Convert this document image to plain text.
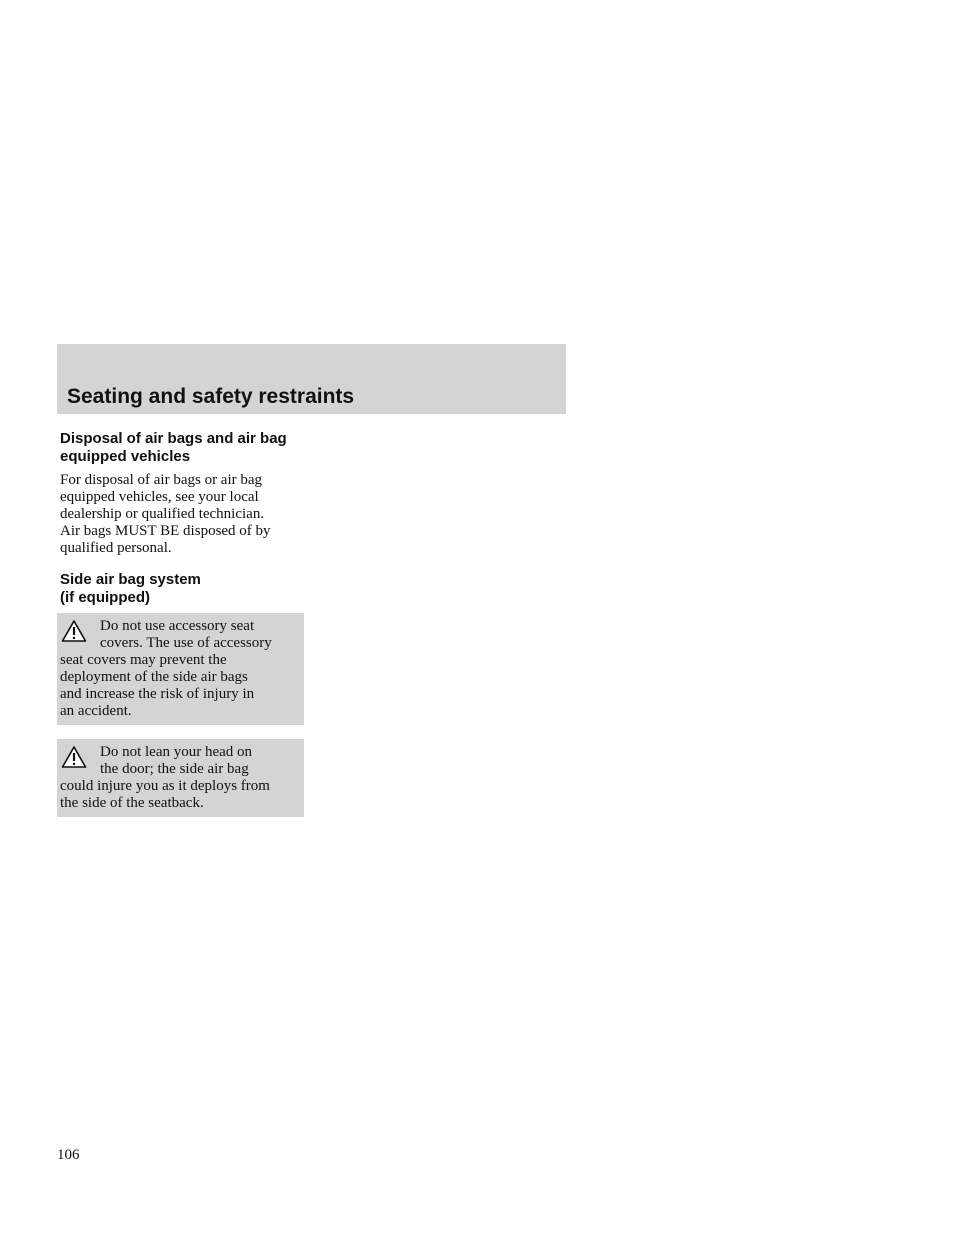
Seating and safety restraints
Disposal of air bags and air bag
equipped vehicles

For disposal of air bags or air bag
equipped vehicles, see your local
dealership or qualified technician.
Air bags MUST BE disposed of by
qualified personal.

Side air bag system
(if equipped)
Do not use accessory seat
covers. The use of accessory
seat covers may prevent the
deployment of the side air bags
and increase the risk of injury in
an accident.
Do not lean your head on
the door; the side air bag
could injure you as it deploys from
the side of the seatback.
106
